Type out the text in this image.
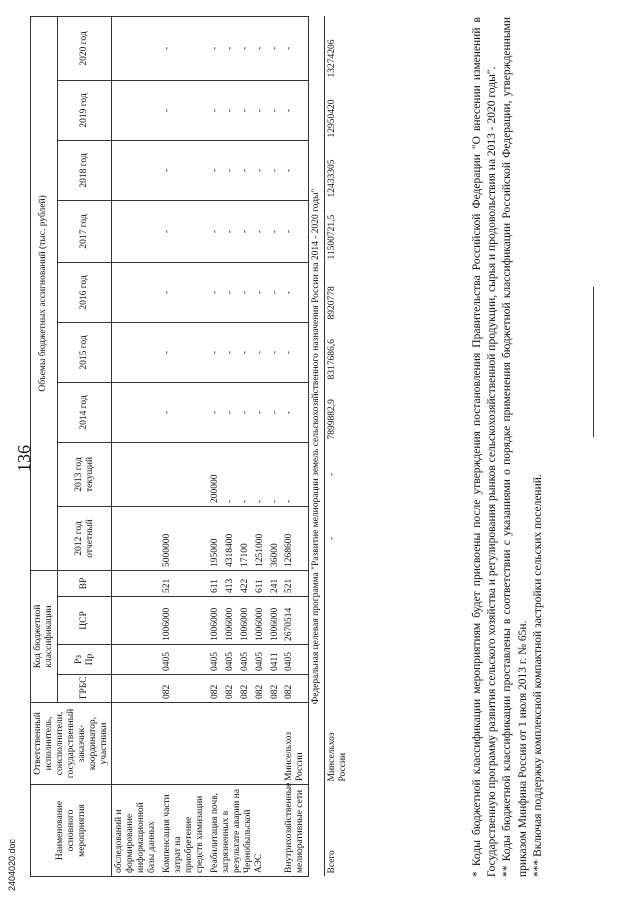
2404020.doc
136
Наименование основного мероприятия	Ответственный исполнитель, соисполнители, государственный заказчик-координатор, участники	Код бюджетной классификации				Объемы бюджетных ассигнований (тыс. рублей)								
		ГРБС	Рз Пр	ЦСР	ВР	2012 год отчетный	2013 год текущий	2014 год	2015 год	2016 год	2017 год	2018 год	2019 год	2020 год

обследований и формирование информационной базы данных														
Компенсация части затрат на приобретение средств химизации		082	0405	1006000	521	5000000		-	-	-	-	-	-	-
Реабилитация почв, загрязненных в результате аварии на Чернобыльской АЭС		082	0405	1006000	611	195000	200000	-	-	-	-	-	-	-
		082	0405	1006000	413	4318400	-	-	-	-	-	-	-	-
		082	0405	1006000	422	17100	-	-	-	-	-	-	-	-
		082	0405	1006000	611	1251000	-	-	-	-	-	-	-	-
		082	0411	1006000	241	36000	-	-	-	-	-	-	-	-
Внутрихозяйственные мелиоративные сети	Минсельхоз России	082	0405	2670514	521	1268600	-	-	-	-	-	-	-	-
Федеральная целевая программа "Развитие мелиорации земель сельскохозяйственного назначения России на 2014 - 2020 годы"														
Всего	Минсельхоз России					-	-	7899882,9	8317686,6	8920778	11500721,5	12433305	12950420	13274206	* Коды бюджетной классификации мероприятиям будет присвоены после утверждения постановления Правительства Российской Федерации "О внесении изменений в Государственную программу развития сельского хозяйства и регулирования рынков сельскохозяйственной продукции, сырья и продовольствия на 2013 - 2020 годы". ** Коды бюджетной классификации проставлены в соответствии с указаниями о порядке применения бюджетной классификации Российской Федерации, утвержденными приказом Минфина России от 1 июля 2013 г. № 65н. *** Включая поддержку комплексной компактной застройки сельских поселений.
